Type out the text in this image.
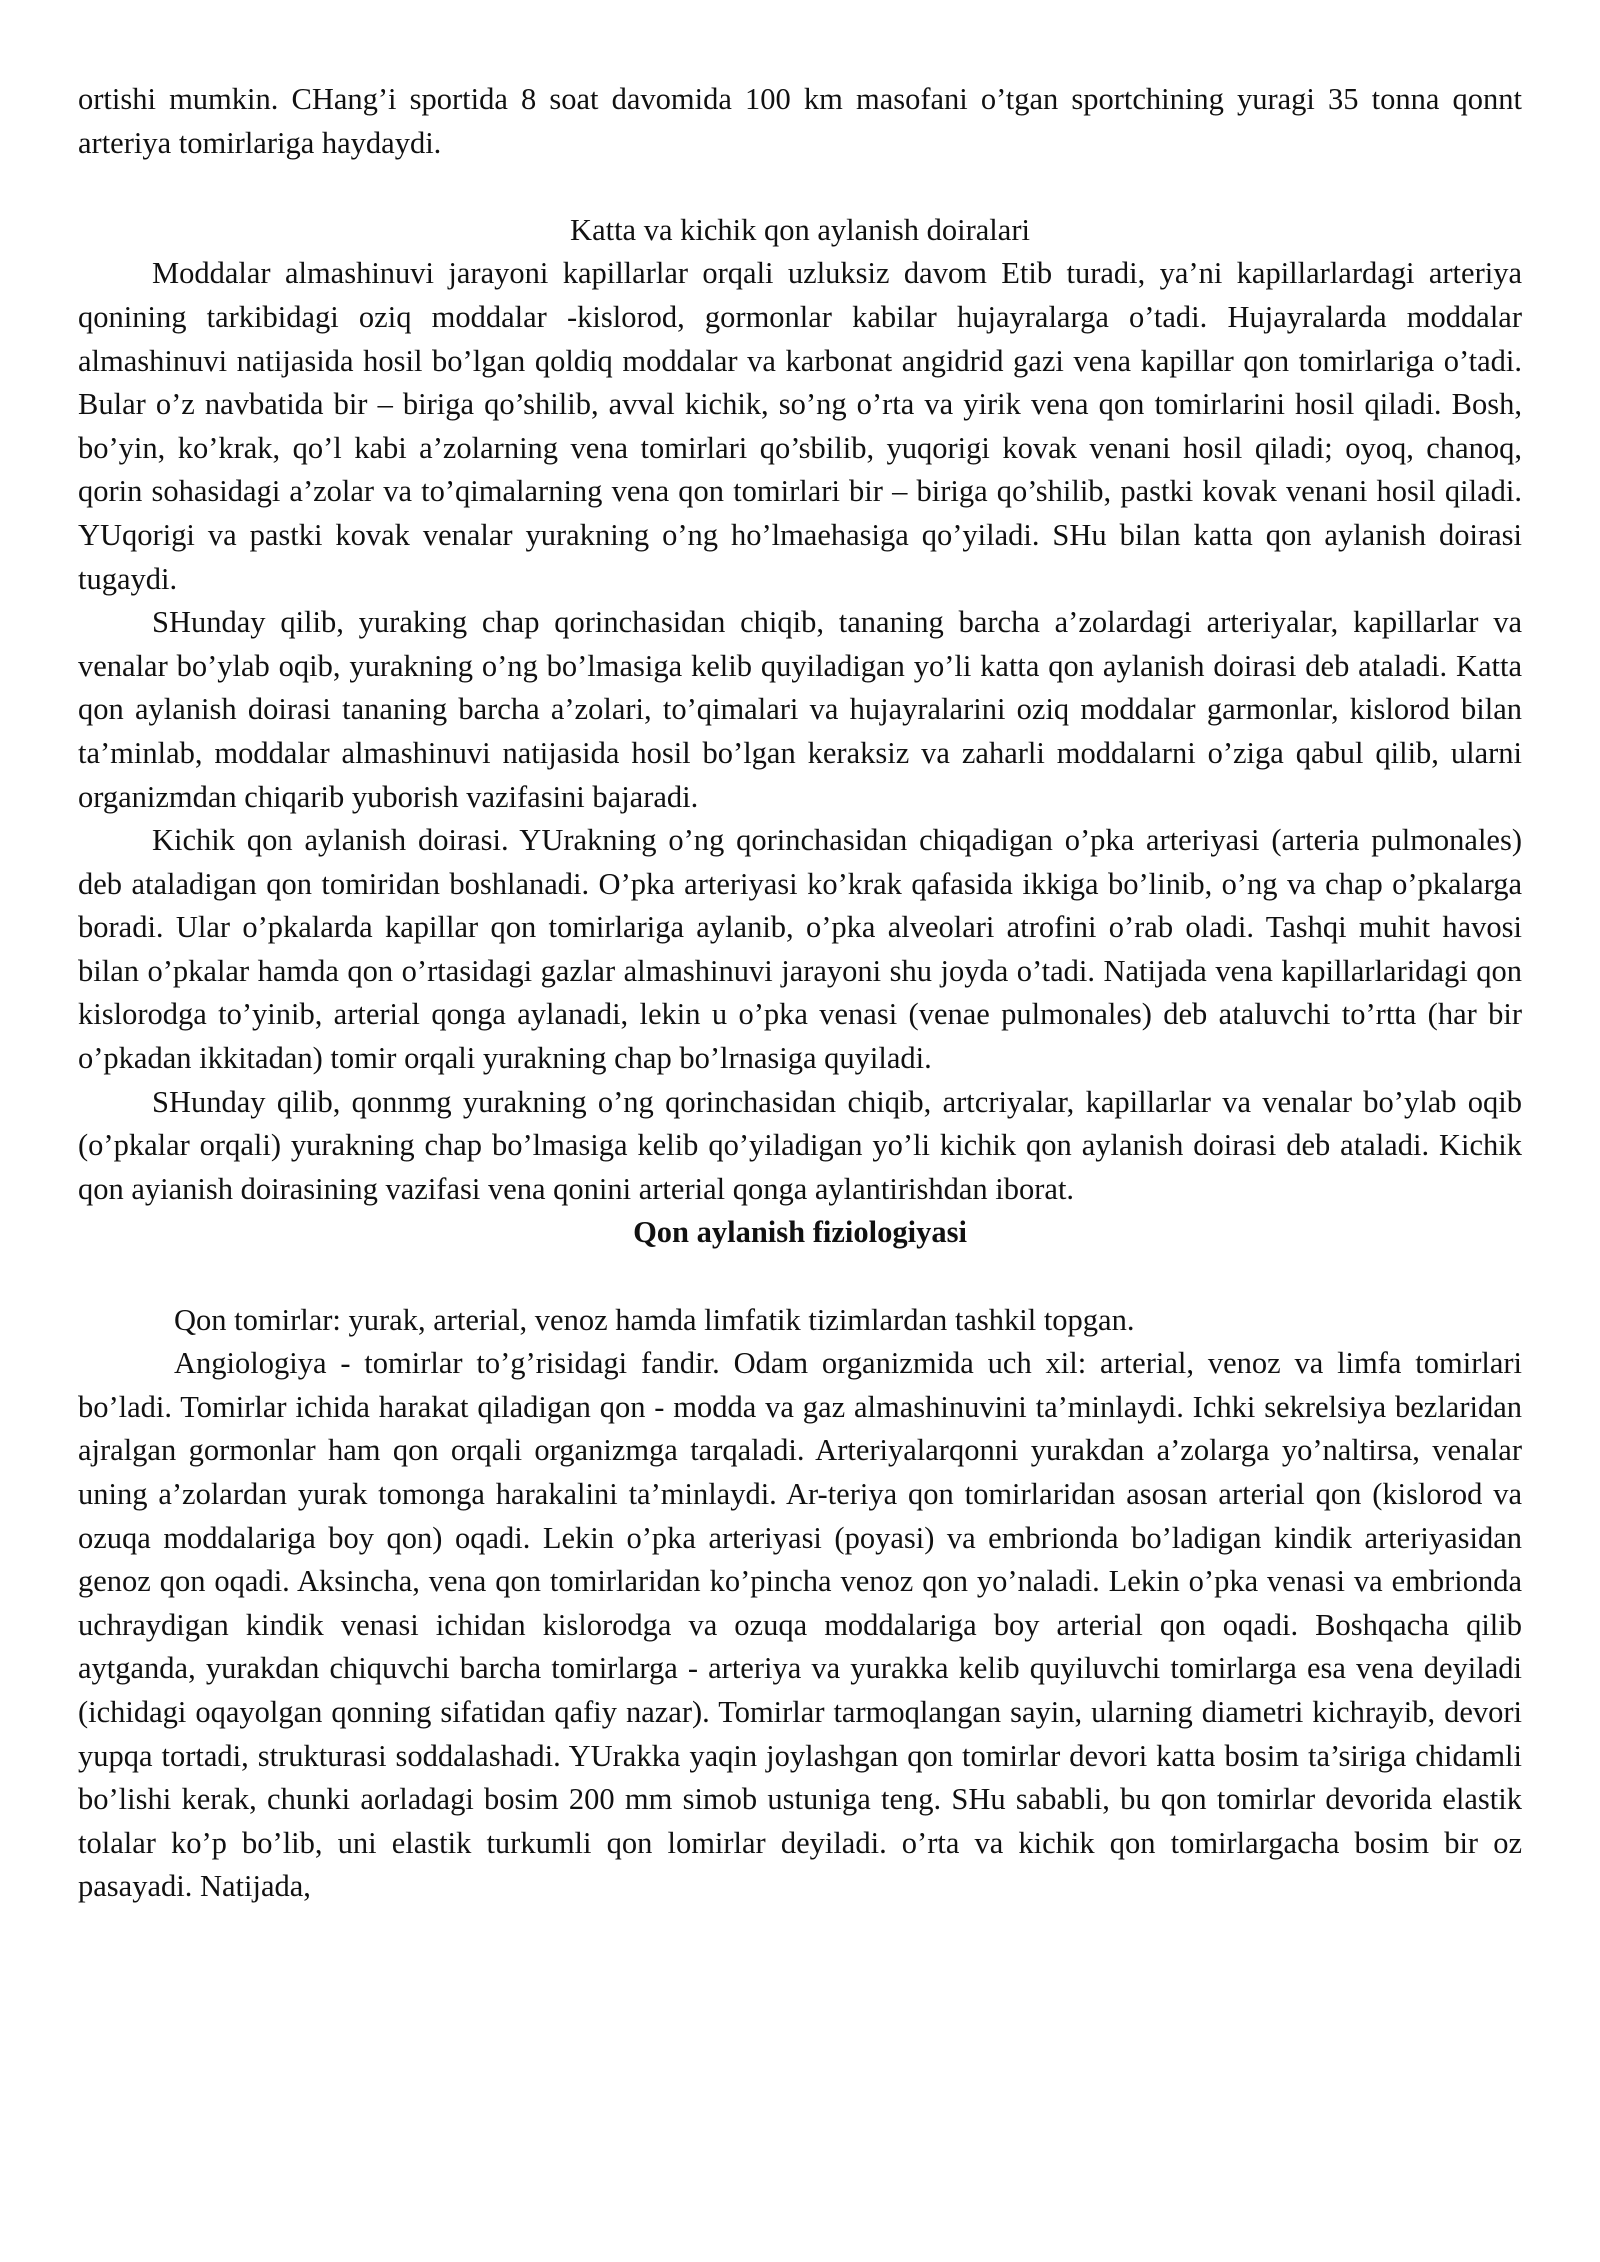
ortishi mumkin. CHang’i sportida 8 soat davomida 100 km masofani o’tgan sportchining yuragi 35 tonna qonnt arteriya tomirlariga haydaydi.

Katta va kichik qon aylanish doiralari

Moddalar almashinuvi jarayoni kapillarlar orqali uzluksiz davom Etib turadi, ya’ni kapillarlardagi arteriya qonining tarkibidagi oziq moddalar -kislorod, gormonlar kabilar hujayralarga o’tadi. Hujayralarda moddalar almashinuvi natijasida hosil bo’lgan qoldiq moddalar va karbonat angidrid gazi vena kapillar qon tomirlariga o’tadi. Bular o’z navbatida bir – biriga qo’shilib, avval kichik, so’ng o’rta va yirik vena qon tomirlarini hosil qiladi. Bosh, bo’yin, ko’krak, qo’l kabi a’zolarning vena tomirlari qo’sbilib, yuqorigi kovak venani hosil qiladi; oyoq, chanoq, qorin sohasidagi a’zolar va to’qimalarning vena qon tomirlari bir – biriga qo’shilib, pastki kovak venani hosil qiladi. YUqorigi va pastki kovak venalar yurakning o’ng ho’lmaehasiga qo’yiladi. SHu bilan katta qon aylanish doirasi tugaydi.

SHunday qilib, yuraking chap qorinchasidan chiqib, tananing barcha a’zolardagi arteriyalar, kapillarlar va venalar bo’ylab oqib, yurakning o’ng bo’lmasiga kelib quyiladigan yo’li katta qon aylanish doirasi deb ataladi. Katta qon aylanish doirasi tananing barcha a’zolari, to’qimalari va hujayralarini oziq moddalar garmonlar, kislorod bilan ta’minlab, moddalar almashinuvi natijasida hosil bo’lgan keraksiz va zaharli moddalarni o’ziga qabul qilib, ularni organizmdan chiqarib yuborish vazifasini bajaradi.

Kichik qon aylanish doirasi. YUrakning o’ng qorinchasidan chiqadigan o’pka arteriyasi (arteria pulmonales) deb ataladigan qon tomiridan boshlanadi. O’pka arteriyasi ko’krak qafasida ikkiga bo’linib, o’ng va chap o’pkalarga boradi. Ular o’pkalarda kapillar qon tomirlariga aylanib, o’pka alveolari atrofini o’rab oladi. Tashqi muhit havosi bilan o’pkalar hamda qon o’rtasidagi gazlar almashinuvi jarayoni shu joyda o’tadi. Natijada vena kapillarlaridagi qon kislorodga to’yinib, arterial qonga aylanadi, lekin u o’pka venasi (venae pulmonales) deb ataluvchi to’rtta (har bir o’pkadan ikkitadan) tomir orqali yurakning chap bo’lrnasiga quyiladi.

SHunday qilib, qonnmg yurakning o’ng qorinchasidan chiqib, artcriyalar, kapillarlar va venalar bo’ylab oqib (o’pkalar orqali) yurakning chap bo’lmasiga kelib qo’yiladigan yo’li kichik qon aylanish doirasi deb ataladi. Kichik qon ayianish doirasining vazifasi vena qonini arterial qonga aylantirishdan iborat.

Qon aylanish fiziologiyasi

Qon tomirlar: yurak, arterial, venoz hamda limfatik tizimlardan tashkil topgan.

Angiologiya - tomirlar to’g’risidagi fandir. Odam organizmida uch xil: arterial, venoz va limfa tomirlari bo’ladi. Tomirlar ichida harakat qiladigan qon - modda va gaz almashinuvini ta’minlaydi. Ichki sekrelsiya bezlaridan ajralgan gormonlar ham qon orqali organizmga tarqaladi. Arteriyalarqonni yurakdan a’zolarga yo’naltirsa, venalar uning a’zolardan yurak tomonga harakalini ta’minlaydi. Ar-teriya qon tomirlaridan asosan arterial qon (kislorod va ozuqa moddalariga boy qon) oqadi. Lekin o’pka arteriyasi (poyasi) va embrionda bo’ladigan kindik arteriyasidan genoz qon oqadi. Aksincha, vena qon tomirlaridan ko’pincha venoz qon yo’naladi. Lekin o’pka venasi va embrionda uchraydigan kindik venasi ichidan kislorodga va ozuqa moddalariga boy arterial qon oqadi. Boshqacha qilib aytganda, yurakdan chiquvchi barcha tomirlarga - arteriya va yurakka kelib quyiluvchi tomirlarga esa vena deyiladi (ichidagi oqayolgan qonning sifatidan qafiy nazar). Tomirlar tarmoqlangan sayin, ularning diametri kichrayib, devori yupqa tortadi, strukturasi soddalashadi. YUrakka yaqin joylashgan qon tomirlar devori katta bosim ta’siriga chidamli bo’lishi kerak, chunki aorladagi bosim 200 mm simob ustuniga teng. SHu sababli, bu qon tomirlar devorida elastik tolalar ko’p bo’lib, uni elastik turkumli qon lomirlar deyiladi. o’rta va kichik qon tomirlargacha bosim bir oz pasayadi. Natijada,
